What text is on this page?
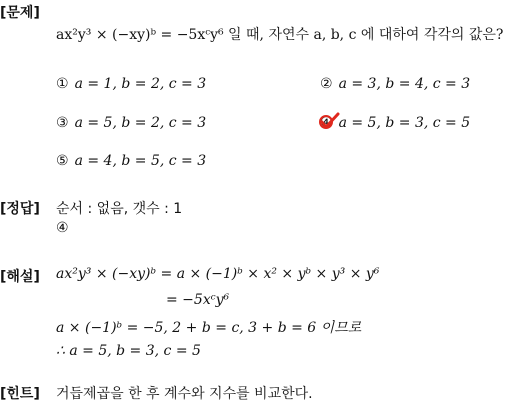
[문제]
ax²y³ × (−xy)ᵇ = −5xᶜy⁶ 일 때, 자연수 a, b, c 에 대하여 각각의 값은?
① a = 1, b = 2, c = 3	② a = 3, b = 4, c = 3
③ a = 5, b = 2, c = 3	④ a = 5, b = 3, c = 5
⑤ a = 4, b = 5, c = 3
[정답] 순서 : 없음, 갯수 : 1
④
[해설] ax²y³ × (−xy)ᵇ = a × (−1)ᵇ × x² × yᵇ × y³ × y⁶
= −5xᶜy⁶
a × (−1)ᵇ = −5, 2 + b = c, 3 + b = 6 이므로
∴ a = 5, b = 3, c = 5
[힌트] 거듭제곱을 한 후 계수와 지수를 비교한다.
